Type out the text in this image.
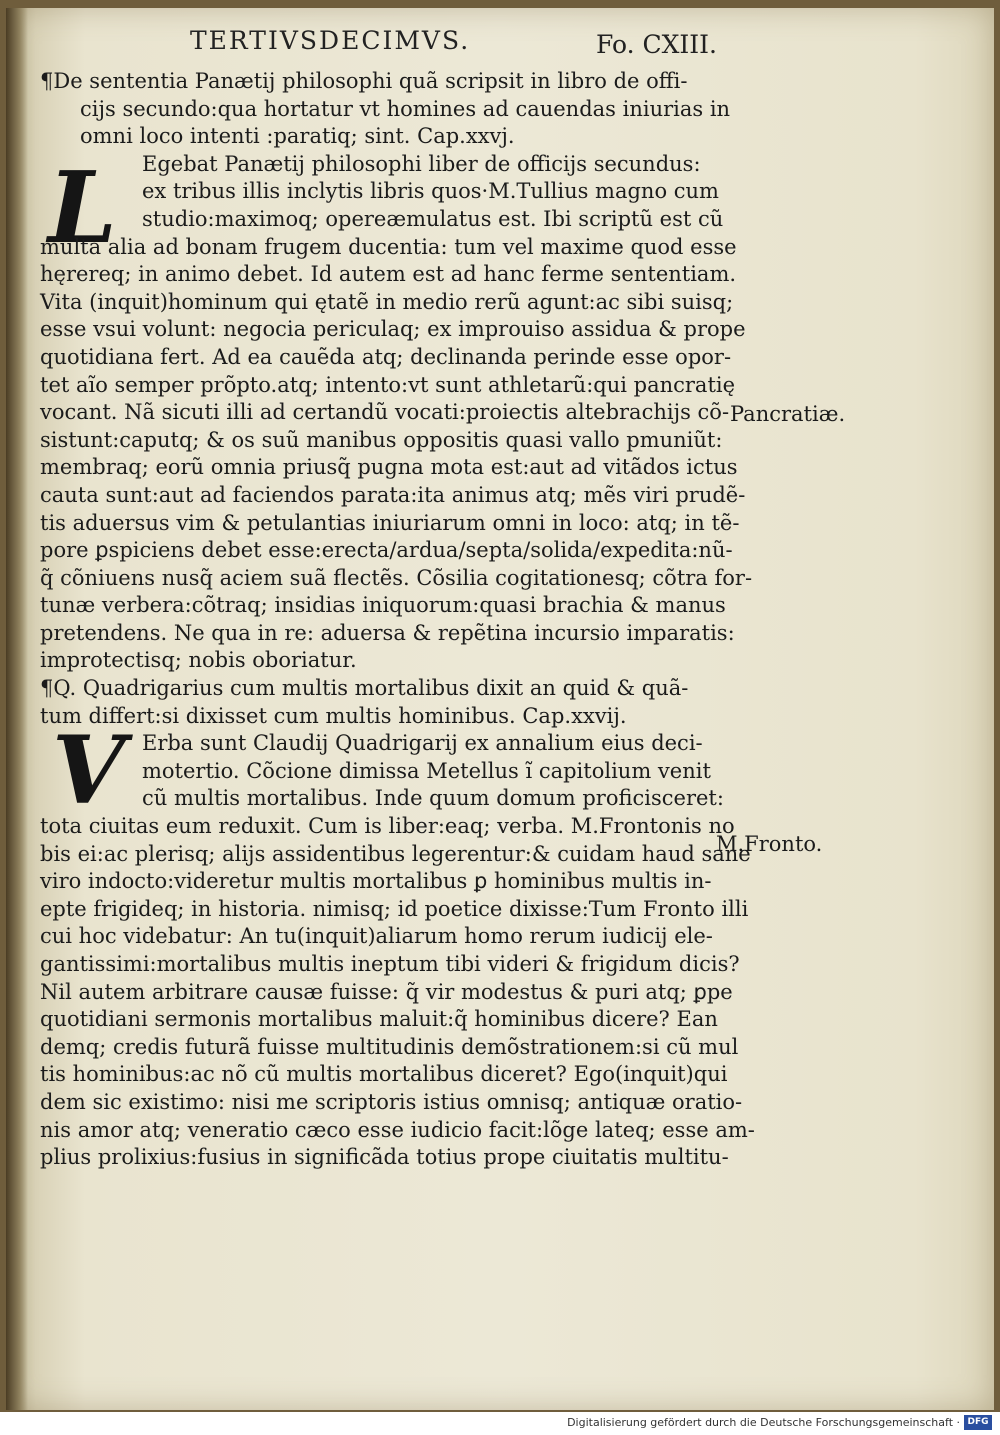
TERTIVSDECIMVS.	Fo. CXIII.
L
V
¶De sententia Panætij philosophi quã scripsit in libro de offi-
cijs secundo:qua hortatur vt homines ad cauendas iniurias in
omni loco intenti :paratiq; sint. Cap.xxvj.
Egebat Panætij philosophi liber de officijs secundus:
ex tribus illis inclytis libris quos·M.Tullius magno cum
studio:maximoq; opereæmulatus est. Ibi scriptũ est cũ
multa alia ad bonam frugem ducentia: tum vel maxime quod esse
hęrereq; in animo debet. Id autem est ad hanc ferme sententiam.
Vita (inquit)hominum qui ętatẽ in medio rerũ agunt:ac sibi suisq;
esse vsui volunt: negocia periculaq; ex improuiso assidua & prope
quotidiana fert. Ad ea cauẽda atq; declinanda perinde esse opor-
tet aĩo semper prõpto.atq; intento:vt sunt athletarũ:qui pancratię
vocant. Nã sicuti illi ad certandũ vocati:proiectis altebrachijs cõ-
sistunt:caputq; & os suũ manibus oppositis quasi vallo pmuniũt:
membraq; eorũ omnia priusq̃ pugna mota est:aut ad vitãdos ictus
cauta sunt:aut ad faciendos parata:ita animus atq; mẽs viri prudẽ-
tis aduersus vim & petulantias iniuriarum omni in loco: atq; in tẽ-
pore ꝑspiciens debet esse:erecta/ardua/septa/solida/expedita:nũ-
q̃ cõniuens nusq̃ aciem suã flectẽs. Cõsilia cogitationesq; cõtra for-
tunæ verbera:cõtraq; insidias iniquorum:quasi brachia & manus
pretendens. Ne qua in re: aduersa & repẽtina incursio imparatis:
improtectisq; nobis oboriatur.
¶Q. Quadrigarius cum multis mortalibus dixit an quid & quã-
tum differt:si dixisset cum multis hominibus. Cap.xxvij.
Erba sunt Claudij Quadrigarij ex annalium eius deci-
motertio. Cõcione dimissa Metellus ĩ capitolium venit
cũ multis mortalibus. Inde quum domum proficisceret:
tota ciuitas eum reduxit. Cum is liber:eaq; verba. M.Frontonis no
bis ei:ac plerisq; alijs assidentibus legerentur:& cuidam haud sane
viro indocto:videretur multis mortalibus ꝑ hominibus multis in-
epte frigideq; in historia. nimisq; id poetice dixisse:Tum Fronto illi
cui hoc videbatur: An tu(inquit)aliarum homo rerum iudicij ele-
gantissimi:mortalibus multis ineptum tibi videri & frigidum dicis?
Nil autem arbitrare causæ fuisse: q̃ vir modestus & puri atq; ꝑpe
quotidiani sermonis mortalibus maluit:q̃ hominibus dicere? Ean
demq; credis futurã fuisse multitudinis demõstrationem:si cũ mul
tis hominibus:ac nõ cũ multis mortalibus diceret? Ego(inquit)qui
dem sic existimo: nisi me scriptoris istius omnisq; antiquæ oratio-
nis amor atq; veneratio cæco esse iudicio facit:lõge lateq; esse am-
plius prolixius:fusius in significãda totius prope ciuitatis multitu-
Pancratiæ.
M.Fronto.
Digitalisierung gefördert durch die Deutsche Forschungsgemeinschaft · DFG
